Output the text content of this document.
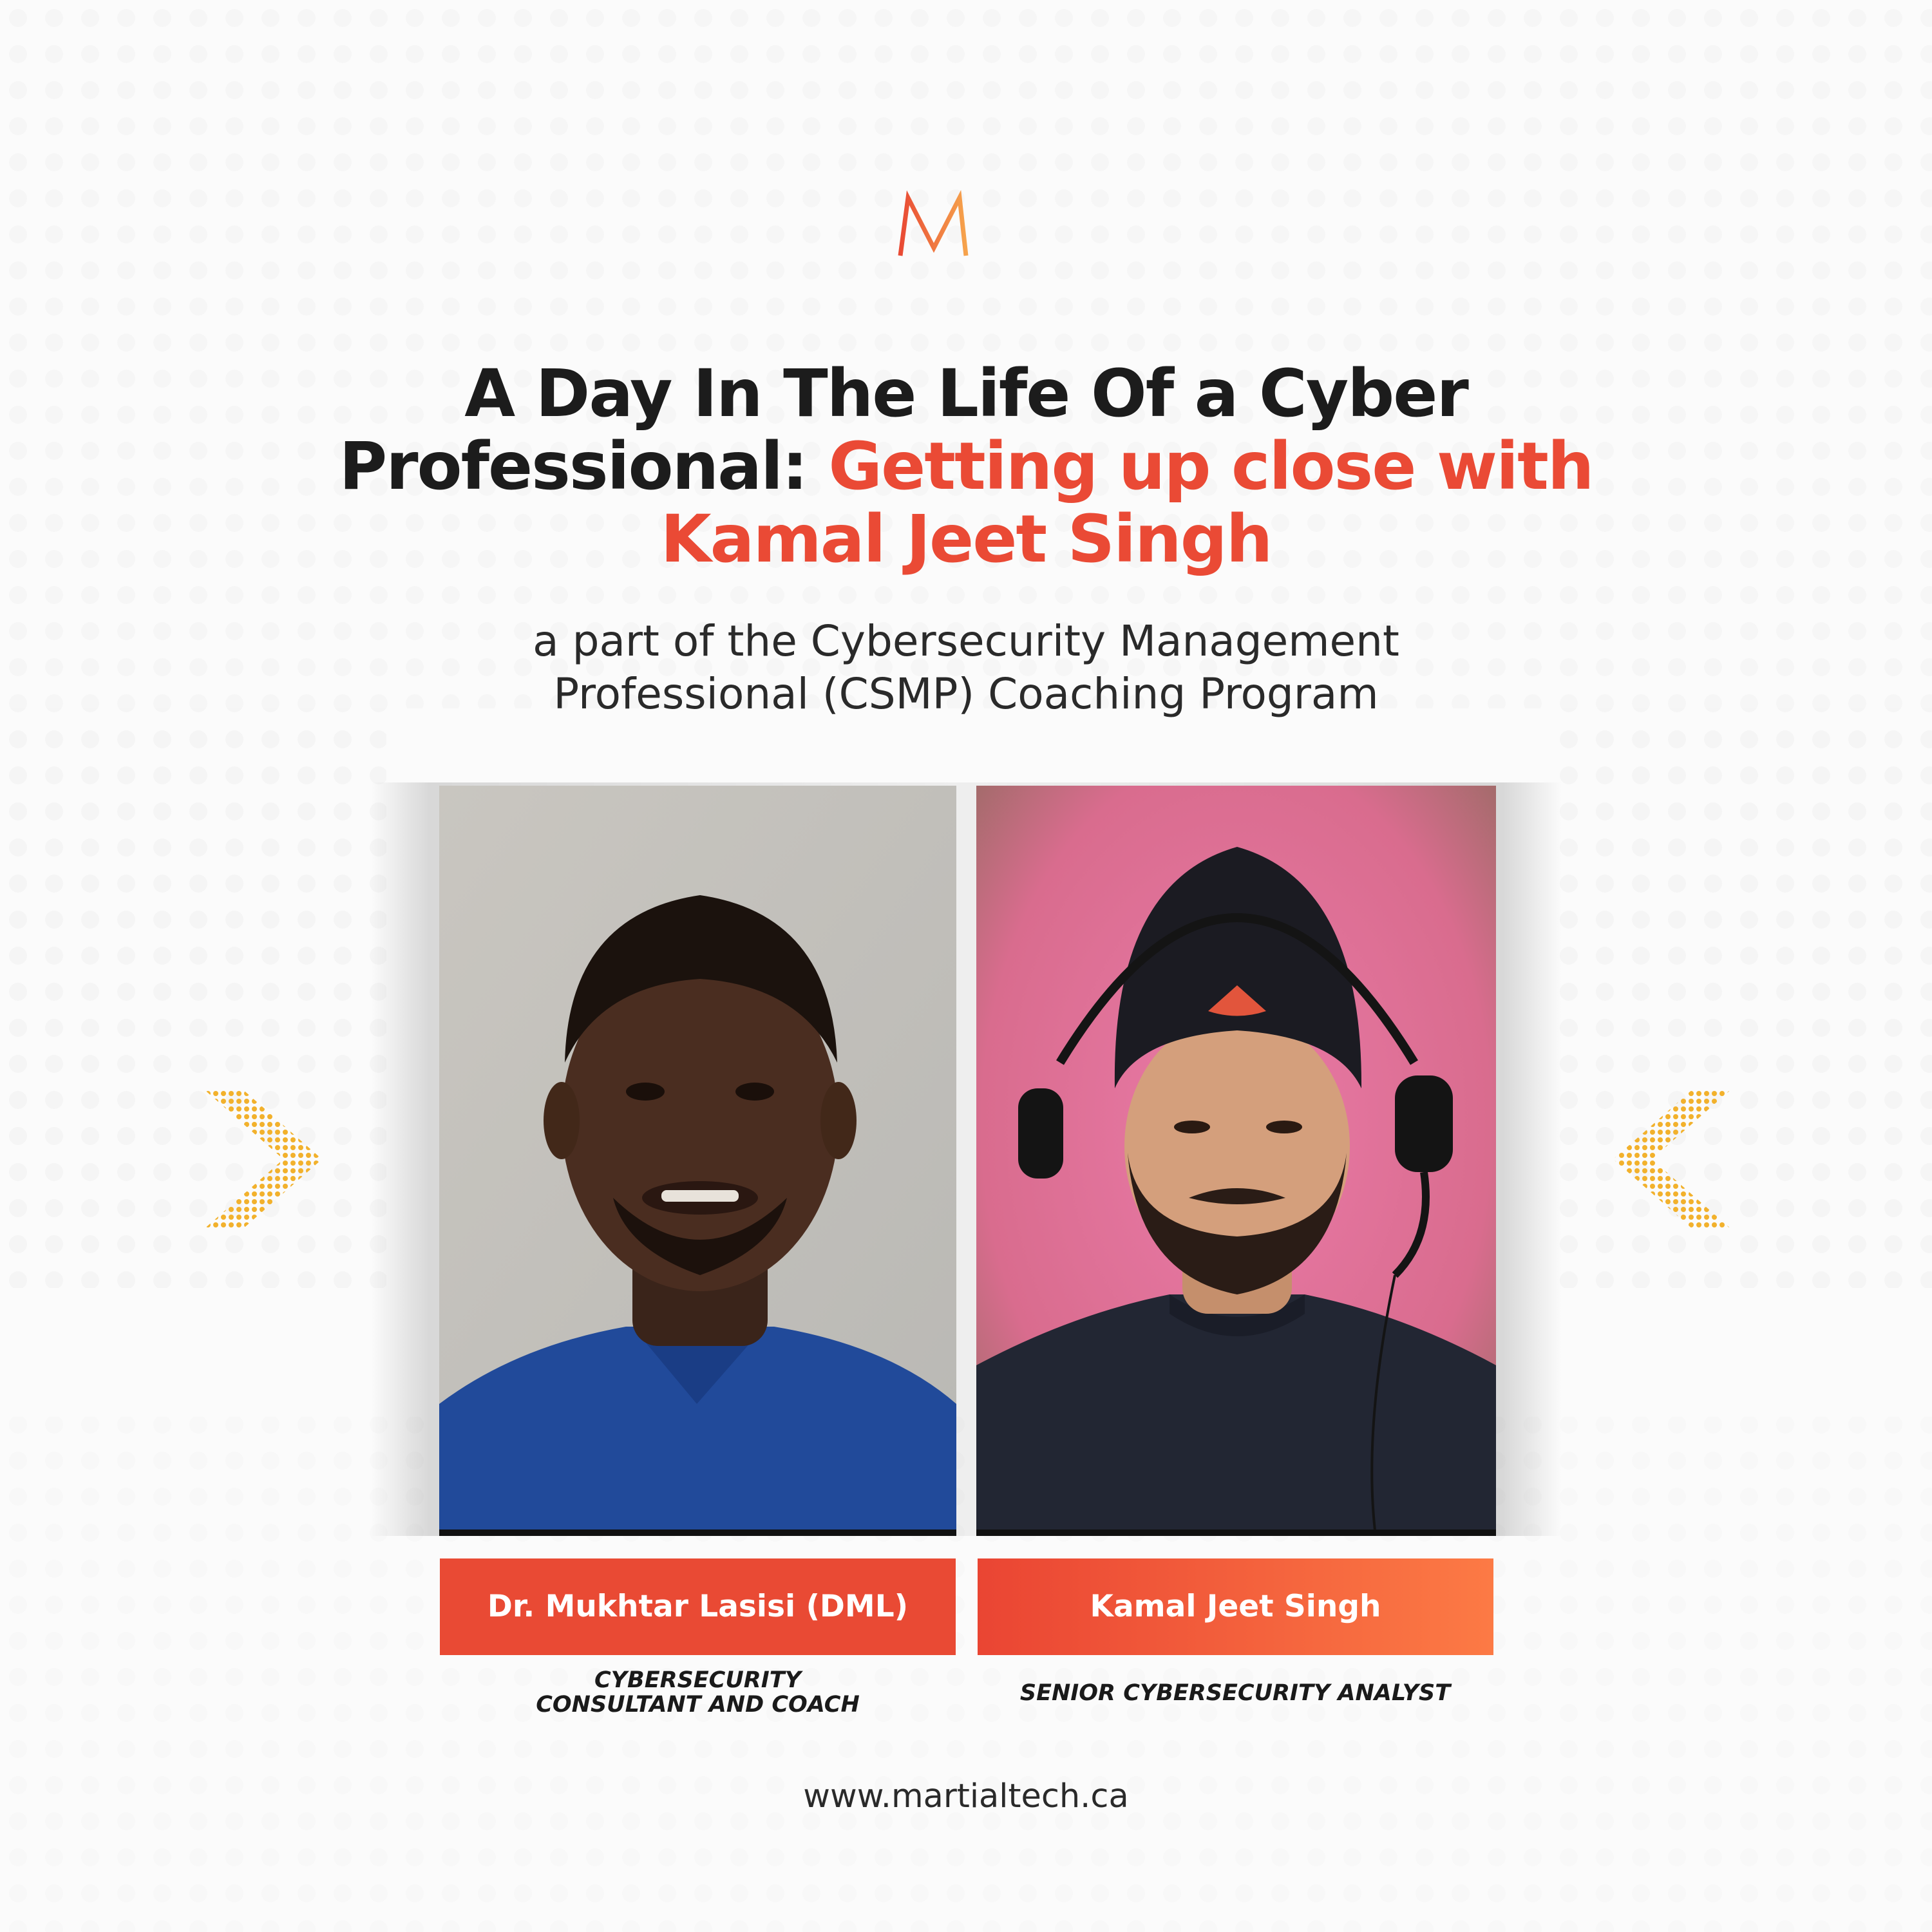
A Day In The Life Of a Cyber
Professional: Getting up close with
Kamal Jeet Singh
a part of the Cybersecurity Management
Professional (CSMP) Coaching Program
Dr. Mukhtar Lasisi (DML)	Kamal Jeet Singh
CYBERSECURITY
CONSULTANT AND COACH	SENIOR CYBERSECURITY ANALYST
www.martialtech.ca
